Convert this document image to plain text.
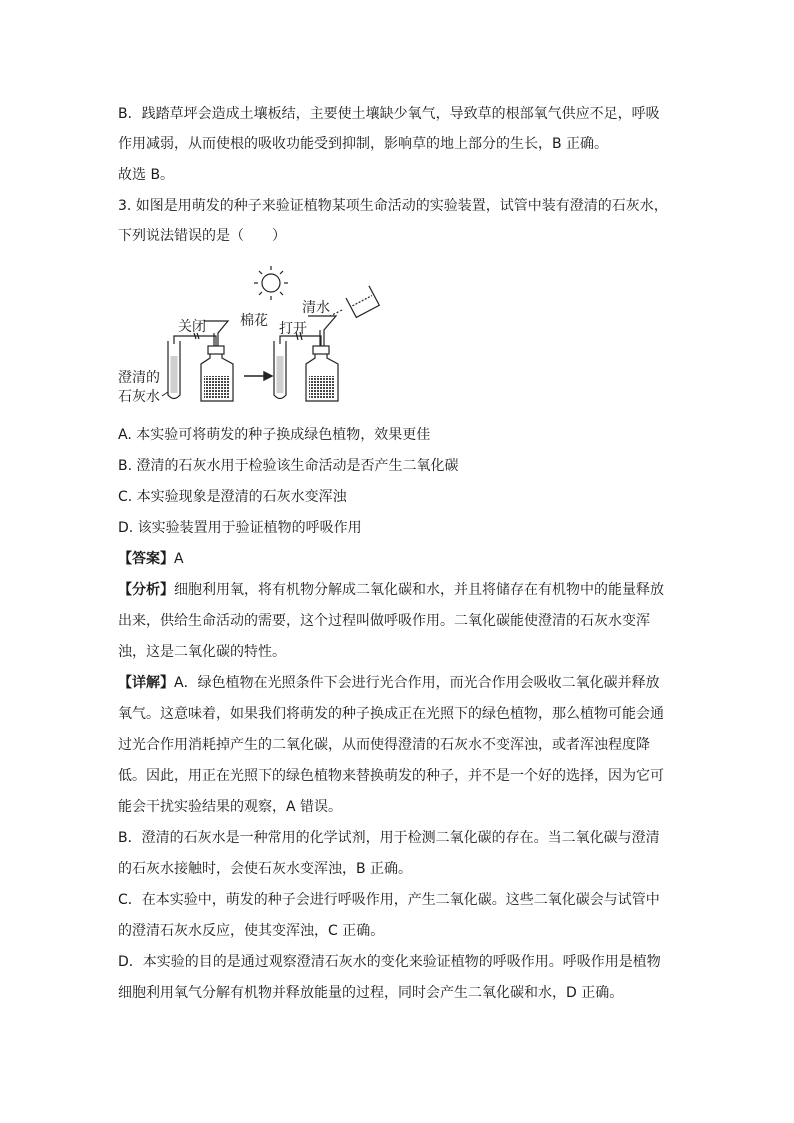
B．践踏草坪会造成土壤板结，主要使土壤缺少氧气，导致草的根部氧气供应不足，呼吸
作用减弱，从而使根的吸收功能受到抑制，影响草的地上部分的生长，B 正确。
故选 B。
3. 如图是用萌发的种子来验证植物某项生命活动的实验装置，试管中装有澄清的石灰水，
下列说法错误的是（　　）
关闭 棉花 打开
清水
澄清的
石灰水
A. 本实验可将萌发的种子换成绿色植物，效果更佳
B. 澄清的石灰水用于检验该生命活动是否产生二氧化碳
C. 本实验现象是澄清的石灰水变浑浊
D. 该实验装置用于验证植物的呼吸作用
【答案】A
【分析】细胞利用氧，将有机物分解成二氧化碳和水，并且将储存在有机物中的能量释放
出来，供给生命活动的需要，这个过程叫做呼吸作用。二氧化碳能使澄清的石灰水变浑
浊，这是二氧化碳的特性。
【详解】A．绿色植物在光照条件下会进行光合作用，而光合作用会吸收二氧化碳并释放
氧气。这意味着，如果我们将萌发的种子换成正在光照下的绿色植物，那么植物可能会通
过光合作用消耗掉产生的二氧化碳，从而使得澄清的石灰水不变浑浊，或者浑浊程度降
低。因此，用正在光照下的绿色植物来替换萌发的种子，并不是一个好的选择，因为它可
能会干扰实验结果的观察，A 错误。
B．澄清的石灰水是一种常用的化学试剂，用于检测二氧化碳的存在。当二氧化碳与澄清
的石灰水接触时，会使石灰水变浑浊，B 正确。
C．在本实验中，萌发的种子会进行呼吸作用，产生二氧化碳。这些二氧化碳会与试管中
的澄清石灰水反应，使其变浑浊，C 正确。
D．本实验的目的是通过观察澄清石灰水的变化来验证植物的呼吸作用。呼吸作用是植物
细胞利用氧气分解有机物并释放能量的过程，同时会产生二氧化碳和水，D 正确。
